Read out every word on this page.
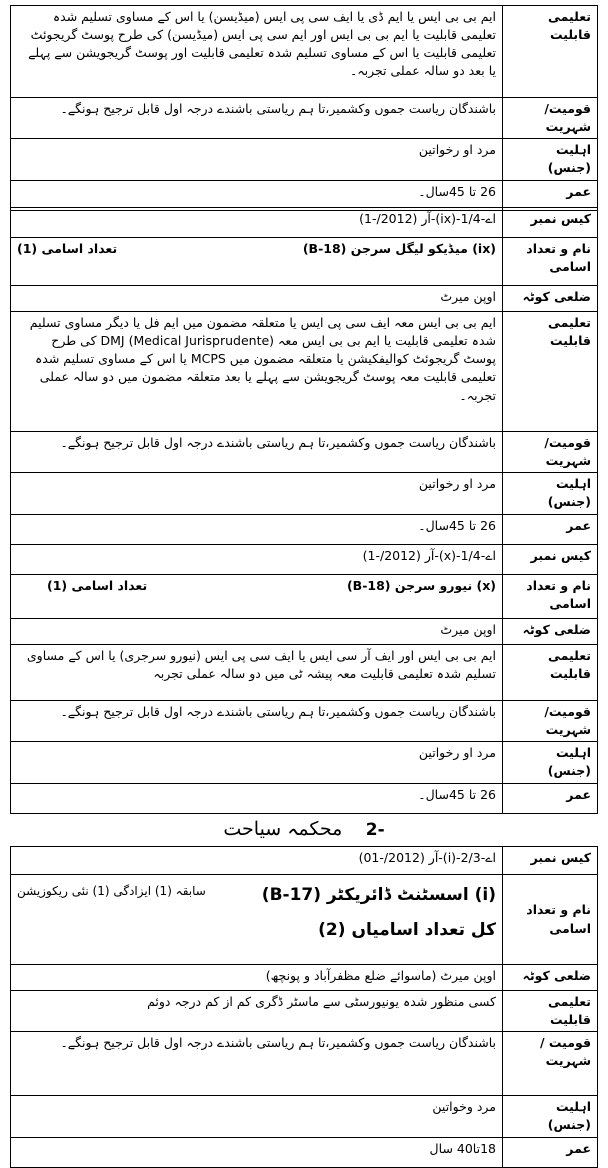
تعلیمی قابلیت	ایم بی بی ایس یا ایم ڈی یا ایف سی پی ایس (میڈیسن) یا اس کے مساوی تسلیم شدہ تعلیمی قابلیت یا ایم بی بی ایس اور ایم سی پی ایس (میڈیسن) کی طرح پوسٹ گریجوئٹ تعلیمی قابلیت یا اس کے مساوی تسلیم شدہ تعلیمی قابلیت اور پوسٹ گریجویشن سے پہلے یا بعد دو سالہ عملی تجربہ۔
قومیت/شہریت	باشندگان ریاست جموں وکشمیر،تا ہم ریاستی باشندے درجہ اول قابل ترجیح ہونگے۔
اہلیت (جنس)	مرد او رخواتین
عمر	26 تا 45سال۔
کیس نمبر	اے-1/4-(ix)-آر (2012/-1)
نام و تعداد اسامی	(ix) میڈیکو لیگل سرجن (B-18)
تعداد اسامی (1)

ضلعی کوٹہ	اوپن میرٹ
تعلیمی قابلیت	ایم بی بی ایس معہ ایف سی پی ایس یا متعلقہ مضمون میں ایم فل یا دیگر مساوی تسلیم شدہ تعلیمی قابلیت یا ایم بی بی ایس معہ DMJ (Medical Jurisprudente) کی طرح پوسٹ گریجوئٹ کوالیفکیشن یا متعلقہ مضمون میں MCPS یا اس کے مساوی تسلیم شدہ تعلیمی قابلیت معہ پوسٹ گریجویشن سے پہلے یا بعد متعلقہ مضمون میں دو سالہ عملی تجربہ۔
قومیت/شہریت	باشندگان ریاست جموں وکشمیر،تا ہم ریاستی باشندے درجہ اول قابل ترجیح ہونگے۔
اہلیت (جنس)	مرد او رخواتین
عمر	26 تا 45سال۔
کیس نمبر	اے-1/4-(x)-آر (2012/-1)
نام و تعداد اسامی	(x) نیورو سرجن (B-18)
تعداد اسامی (1)

ضلعی کوٹہ	اوپن میرٹ
تعلیمی قابلیت	ایم بی بی ایس اور ایف آر سی ایس یا ایف سی پی ایس (نیورو سرجری) یا اس کے مساوی تسلیم شدہ تعلیمی قابلیت معہ پیشہ ٹی میں دو سالہ عملی تجربہ
قومیت/شہریت	باشندگان ریاست جموں وکشمیر،تا ہم ریاستی باشندے درجہ اول قابل ترجیح ہونگے۔
اہلیت (جنس)	مرد او رخواتین
عمر	26 تا 45سال۔
-2 محکمہ سیاحت
کیس نمبر	اے-2/3-(i)-آر (2012/-01)
نام و تعداد اسامی	(i) اسسٹنٹ ڈائریکٹر (B-17)
سابقہ (1) ایزادگی (1) نئی ریکوزیشن
کل تعداد اسامیاں (2)

ضلعی کوٹہ	اوپن میرٹ (ماسوائے ضلع مظفرآباد و پونچھ)
تعلیمی قابلیت	کسی منظور شدہ یونیورسٹی سے ماسٹر ڈگری کم از کم درجہ دوئم
قومیت / شہریت	باشندگان ریاست جموں وکشمیر،تا ہم ریاستی باشندے درجہ اول قابل ترجیح ہونگے۔
اہلیت (جنس)	مرد وخواتین
عمر	18تا40 سال
